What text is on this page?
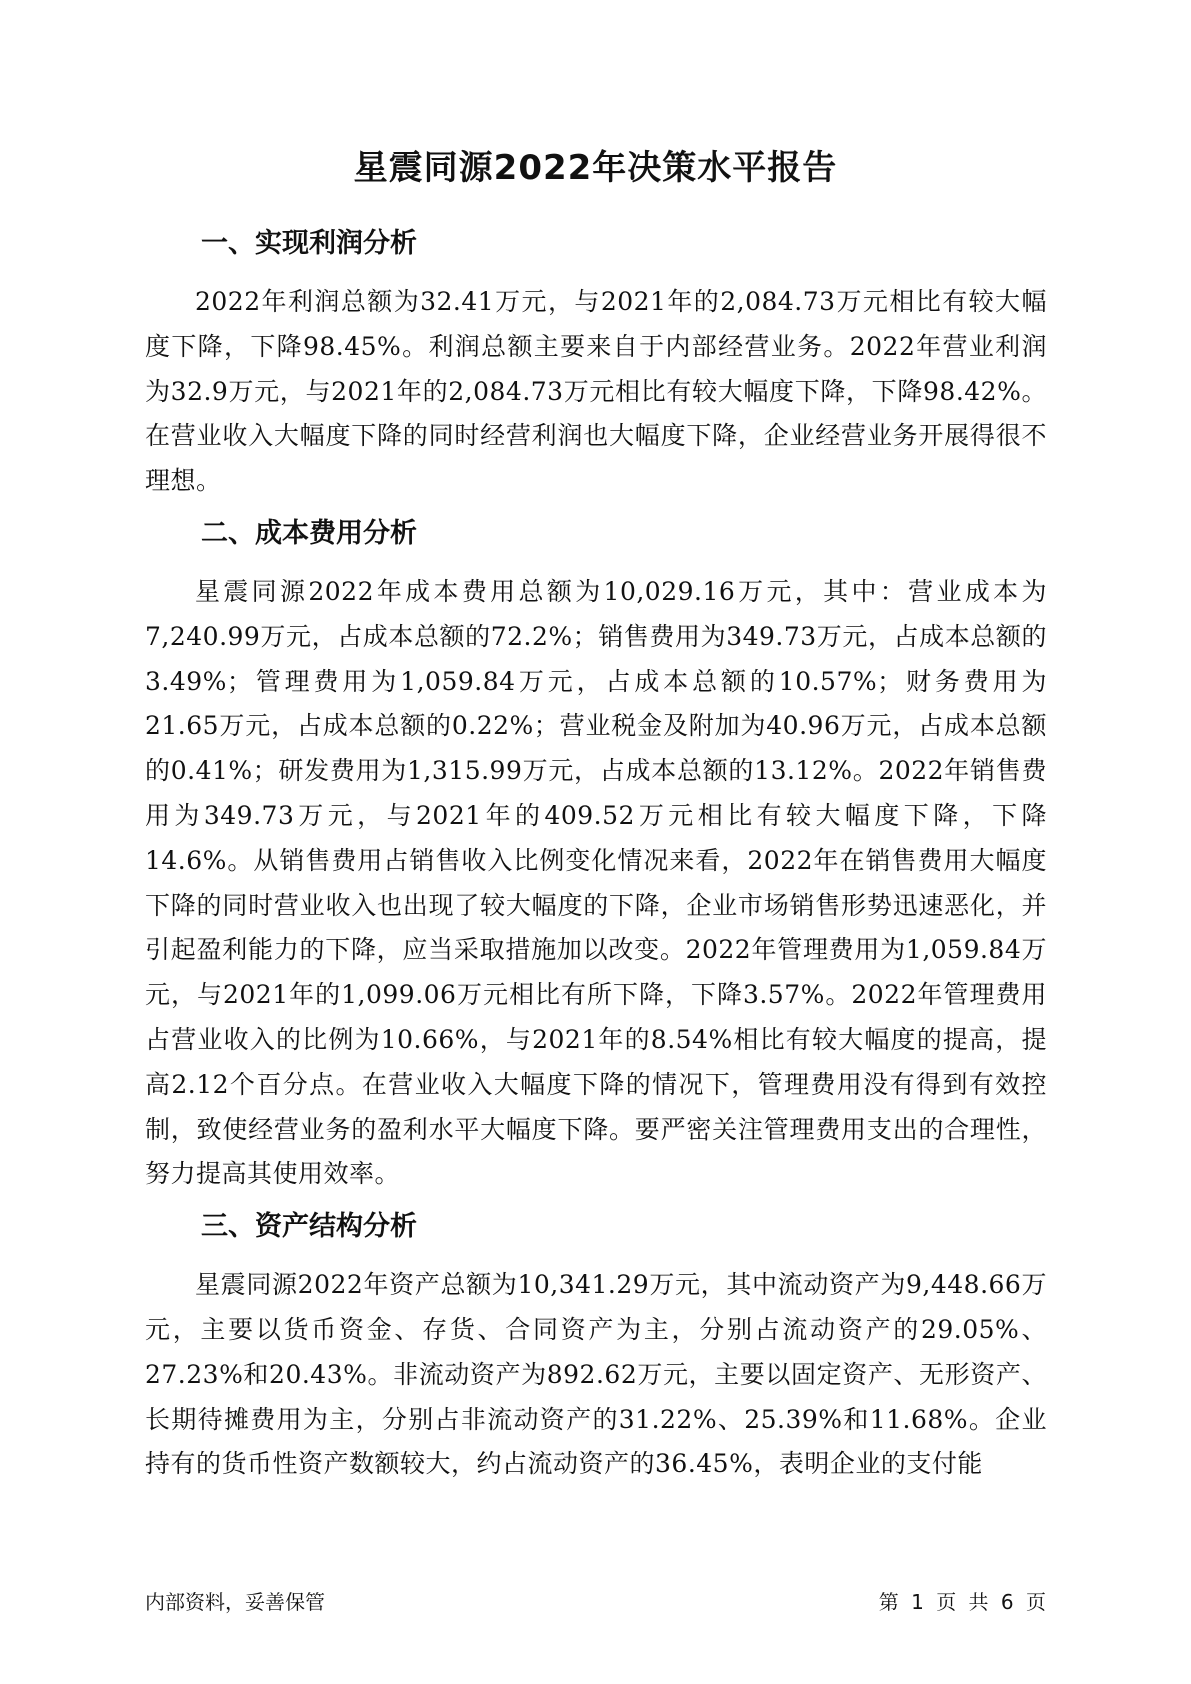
星震同源2022年决策水平报告
一、实现利润分析

2022年利润总额为32.41万元，与2021年的2,084.73万元相比有较大幅度下降，下降98.45%。利润总额主要来自于内部经营业务。2022年营业利润为32.9万元，与2021年的2,084.73万元相比有较大幅度下降，下降98.42%。在营业收入大幅度下降的同时经营利润也大幅度下降，企业经营业务开展得很不理想。

二、成本费用分析

星震同源2022年成本费用总额为10,029.16万元，其中：营业成本为7,240.99万元，占成本总额的72.2%；销售费用为349.73万元，占成本总额的3.49%；管理费用为1,059.84万元，占成本总额的10.57%；财务费用为21.65万元，占成本总额的0.22%；营业税金及附加为40.96万元，占成本总额的0.41%；研发费用为1,315.99万元，占成本总额的13.12%。2022年销售费用为349.73万元，与2021年的409.52万元相比有较大幅度下降，下降14.6%。从销售费用占销售收入比例变化情况来看，2022年在销售费用大幅度下降的同时营业收入也出现了较大幅度的下降，企业市场销售形势迅速恶化，并引起盈利能力的下降，应当采取措施加以改变。2022年管理费用为1,059.84万元，与2021年的1,099.06万元相比有所下降，下降3.57%。2022年管理费用占营业收入的比例为10.66%，与2021年的8.54%相比有较大幅度的提高，提高2.12个百分点。在营业收入大幅度下降的情况下，管理费用没有得到有效控制，致使经营业务的盈利水平大幅度下降。要严密关注管理费用支出的合理性，努力提高其使用效率。

三、资产结构分析

星震同源2022年资产总额为10,341.29万元，其中流动资产为9,448.66万元，主要以货币资金、存货、合同资产为主，分别占流动资产的29.05%、27.23%和20.43%。非流动资产为892.62万元，主要以固定资产、无形资产、长期待摊费用为主，分别占非流动资产的31.22%、25.39%和11.68%。企业持有的货币性资产数额较大，约占流动资产的36.45%，表明企业的支付能

内部资料，妥善保管	第 1 页 共 6 页
